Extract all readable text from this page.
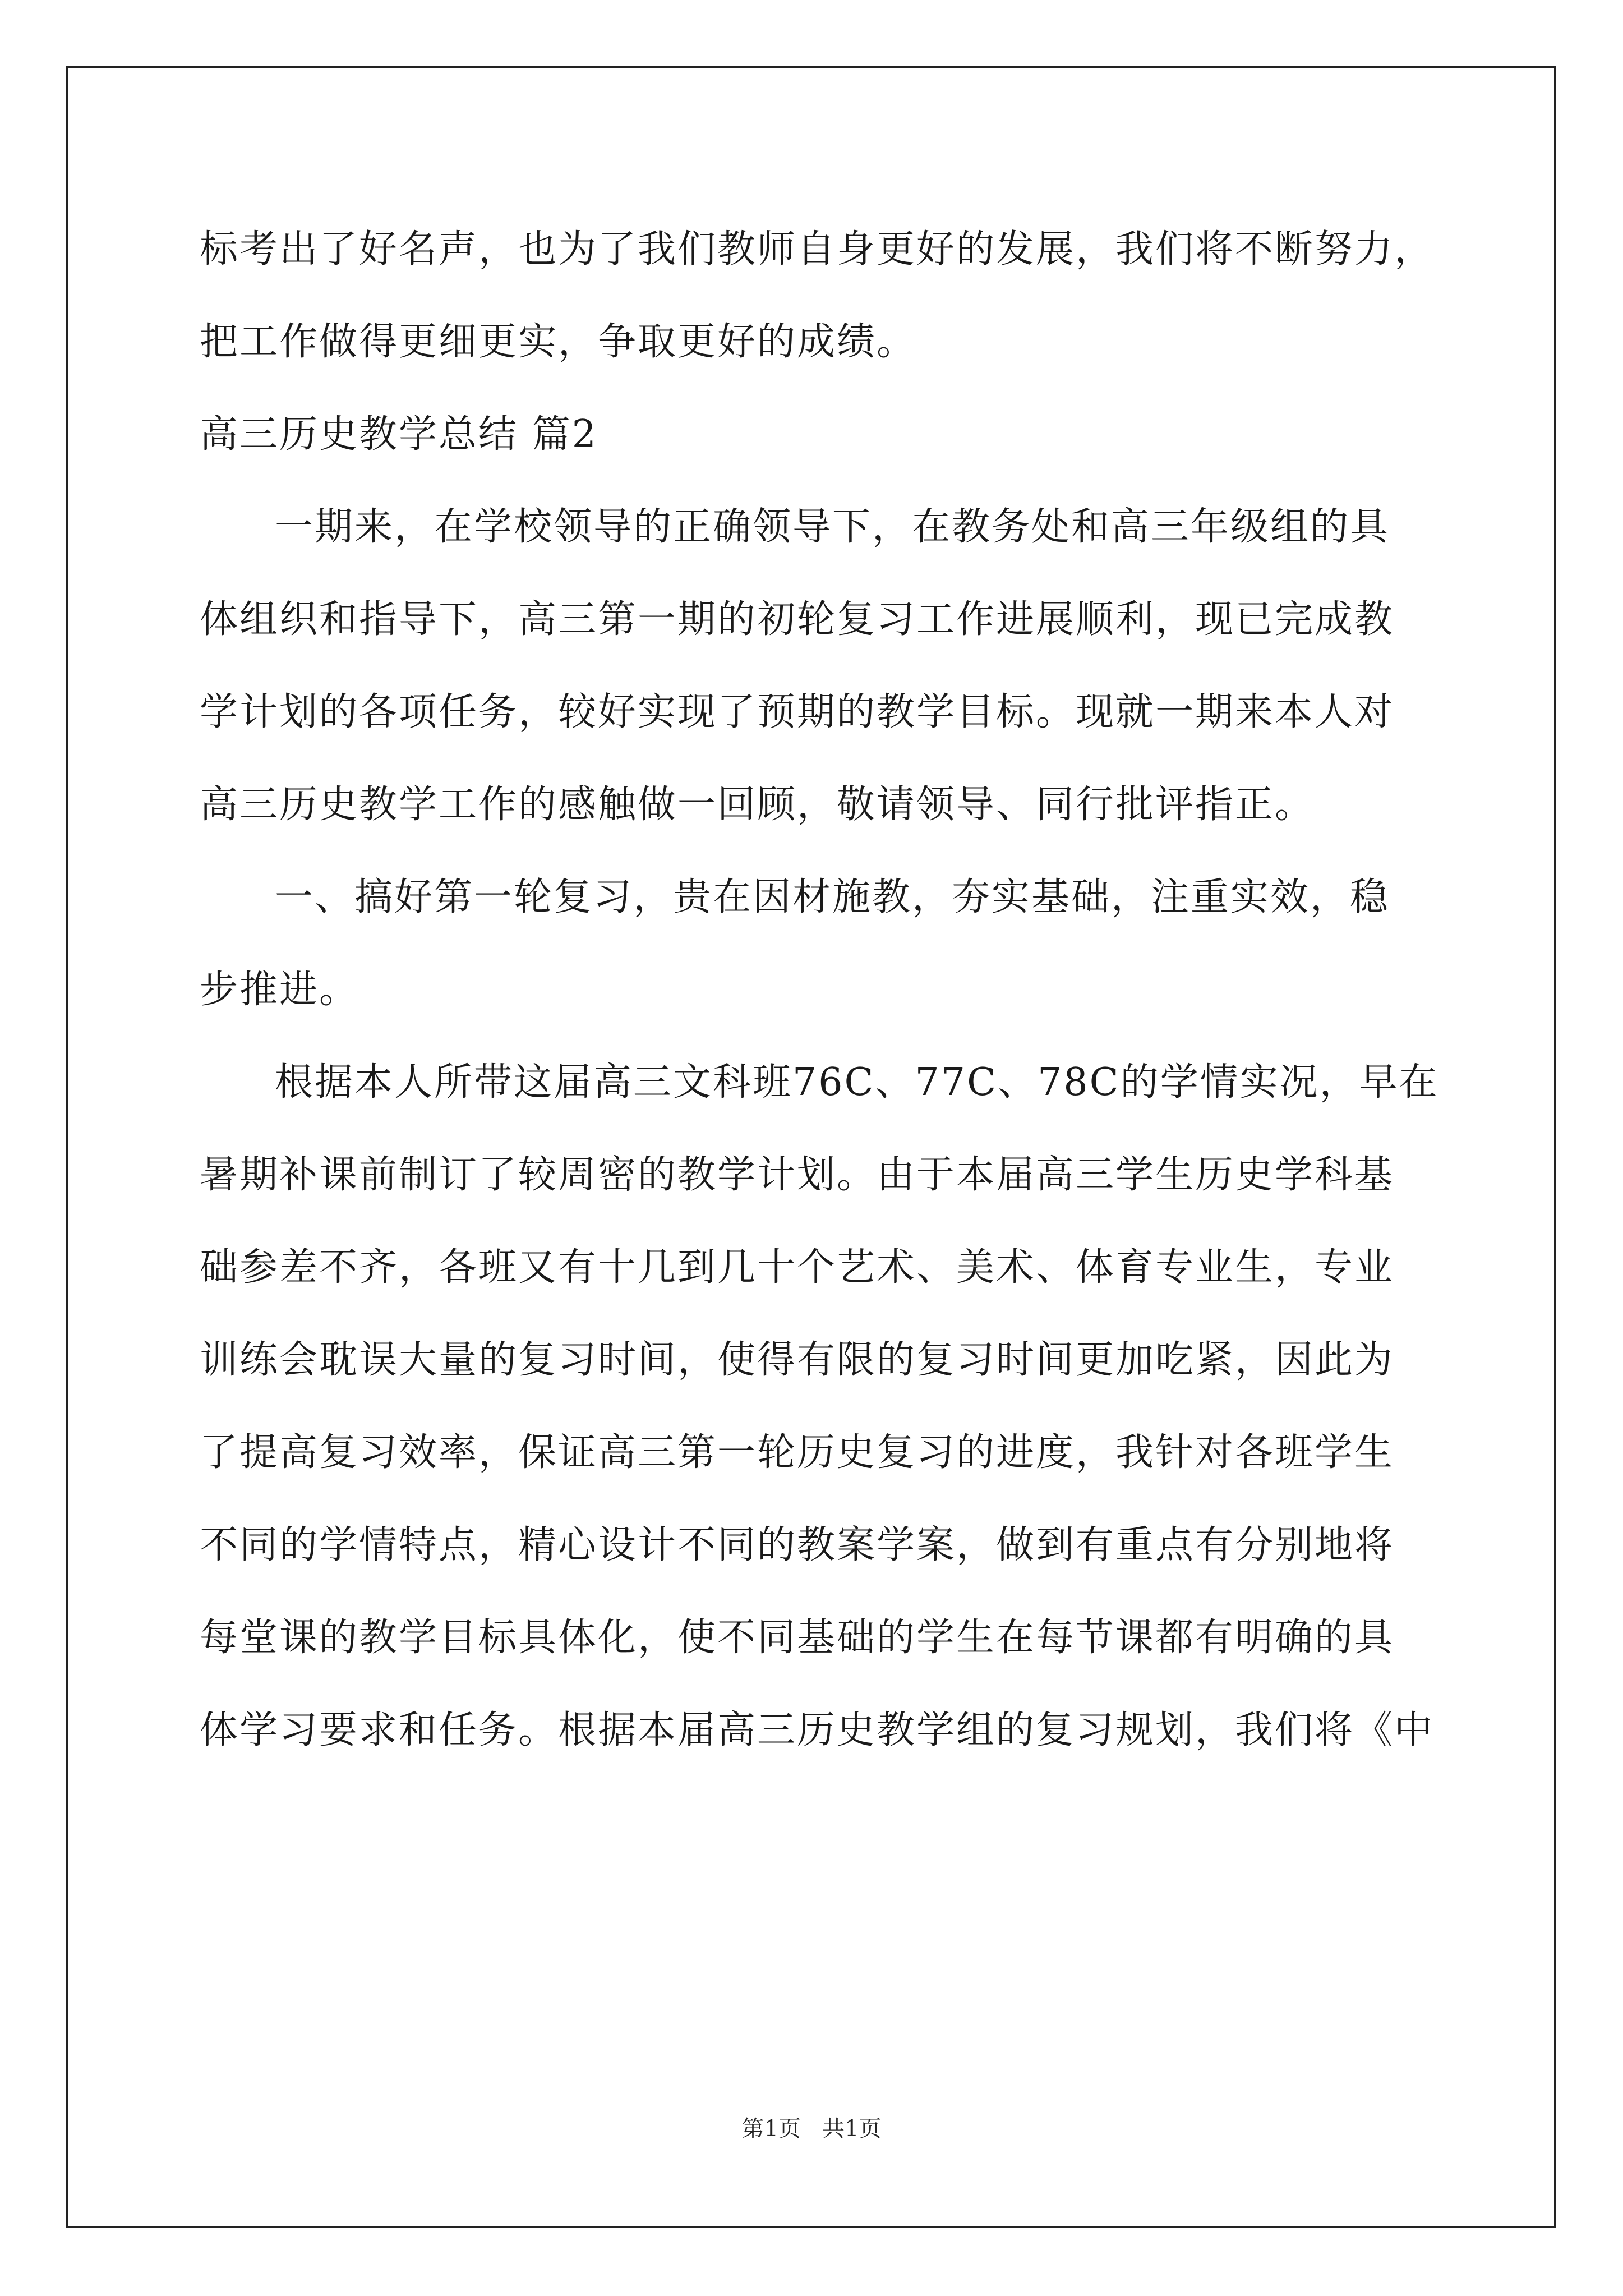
标考出了好名声，也为了我们教师自身更好的发展，我们将不断努力，
把工作做得更细更实，争取更好的成绩。
高三历史教学总结 篇2
一期来，在学校领导的正确领导下，在教务处和高三年级组的具
体组织和指导下，高三第一期的初轮复习工作进展顺利，现已完成教
学计划的各项任务，较好实现了预期的教学目标。现就一期来本人对
高三历史教学工作的感触做一回顾，敬请领导、同行批评指正。
一、搞好第一轮复习，贵在因材施教，夯实基础，注重实效，稳
步推进。
根据本人所带这届高三文科班76C、77C、78C的学情实况，早在
暑期补课前制订了较周密的教学计划。由于本届高三学生历史学科基
础参差不齐，各班又有十几到几十个艺术、美术、体育专业生，专业
训练会耽误大量的复习时间，使得有限的复习时间更加吃紧，因此为
了提高复习效率，保证高三第一轮历史复习的进度，我针对各班学生
不同的学情特点，精心设计不同的教案学案，做到有重点有分别地将
每堂课的教学目标具体化，使不同基础的学生在每节课都有明确的具
体学习要求和任务。根据本届高三历史教学组的复习规划，我们将《中
第1页   共1页
